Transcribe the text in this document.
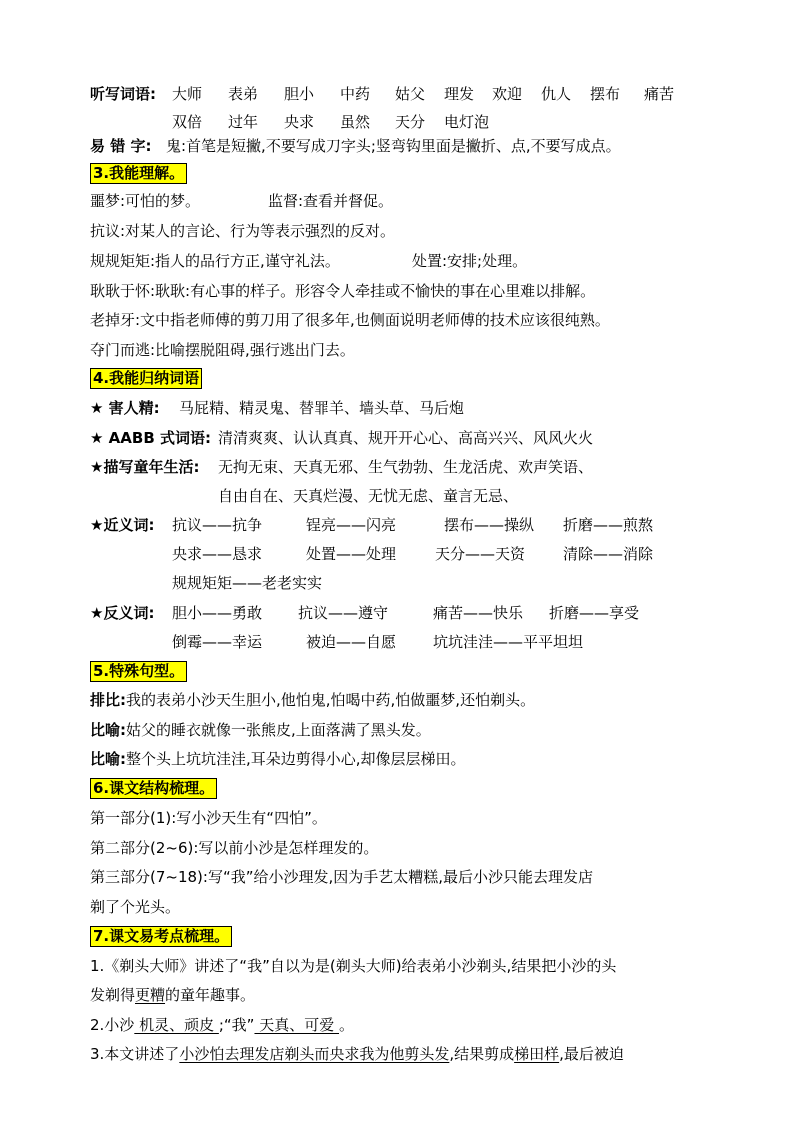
听写词语: 大师 表弟 胆小 中药 姑父 理发 欢迎 仇人 摆布 痛苦
双倍 过年 央求 虽然 天分 电灯泡
易 错 字: 鬼:首笔是短撇,不要写成刀字头;竖弯钩里面是撇折、点,不要写成点。
3.我能理解。
噩梦:可怕的梦。	监督:查看并督促。
抗议:对某人的言论、行为等表示强烈的反对。
规规矩矩:指人的品行方正,谨守礼法。	处置:安排;处理。
耿耿于怀:耿耿:有心事的样子。形容令人牵挂或不愉快的事在心里难以排解。
老掉牙:文中指老师傅的剪刀用了很多年,也侧面说明老师傅的技术应该很纯熟。
夺门而逃:比喻摆脱阻碍,强行逃出门去。
4.我能归纳词语
★ 害人精: 马屁精、精灵鬼、替罪羊、墙头草、马后炮
★ AABB 式词语: 清清爽爽、认认真真、规开开心心、高高兴兴、风风火火
★描写童年生活: 无拘无束、天真无邪、生气勃勃、生龙活虎、欢声笑语、
自由自在、天真烂漫、无忧无虑、童言无忌、
★近义词: 抗议——抗争	锃亮——闪亮	摆布——操纵 折磨——煎熬
央求——恳求	处置——处理	天分——天资	清除——消除
规规矩矩——老老实实
★反义词: 胆小——勇敢 抗议——遵守	痛苦——快乐 折磨——享受
倒霉——幸运	被迫——自愿 坑坑洼洼——平平坦坦
5.特殊句型。
排比:我的表弟小沙天生胆小,他怕鬼,怕喝中药,怕做噩梦,还怕剃头。
比喻:姑父的睡衣就像一张熊皮,上面落满了黑头发。
比喻:整个头上坑坑洼洼,耳朵边剪得小心,却像层层梯田。
6.课文结构梳理。
第一部分(1):写小沙天生有“四怕”。
第二部分(2~6):写以前小沙是怎样理发的。
第三部分(7~18):写“我”给小沙理发,因为手艺太糟糕,最后小沙只能去理发店
剃了个光头。
7.课文易考点梳理。
1.《剃头大师》讲述了“我”自以为是(剃头大师)给表弟小沙剃头,结果把小沙的头
发剃得更糟的童年趣事。
2.小沙 机灵、顽皮 ;“我” 天真、可爱 。
3.本文讲述了小沙怕去理发店剃头而央求我为他剪头发,结果剪成梯田样,最后被迫
